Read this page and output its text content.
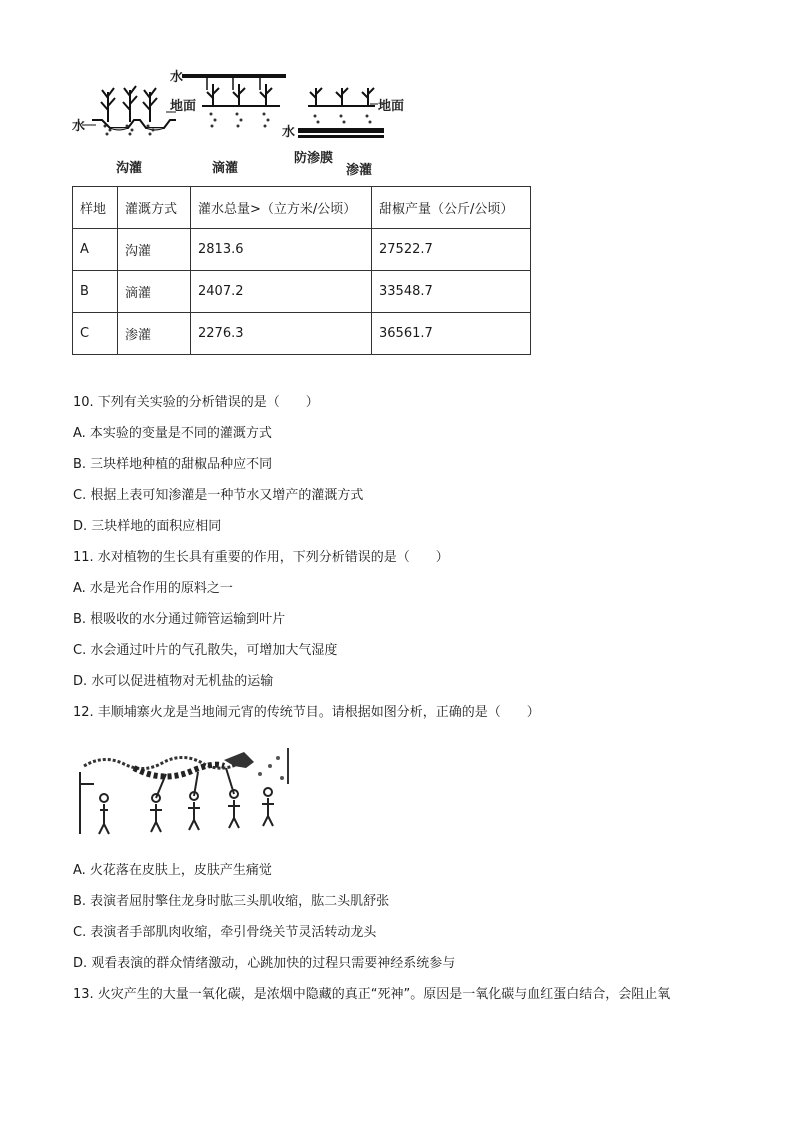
水
水
地面	地面
水
防渗膜
沟灌	滴灌	渗灌
样地	灌溉方式	灌水总量>（立方米/公顷）	甜椒产量（公斤/公顷）
A	沟灌	2813.6	27522.7
B	滴灌	2407.2	33548.7
C	渗灌	2276.3	36561.7
10. 下列有关实验的分析错误的是（　　）
A. 本实验的变量是不同的灌溉方式
B. 三块样地种植的甜椒品种应不同
C. 根据上表可知渗灌是一种节水又增产的灌溉方式
D. 三块样地的面积应相同
11. 水对植物的生长具有重要的作用，下列分析错误的是（　　）
A. 水是光合作用的原料之一
B. 根吸收的水分通过筛管运输到叶片
C. 水会通过叶片的气孔散失，可增加大气湿度
D. 水可以促进植物对无机盐的运输
12. 丰顺埔寨火龙是当地闹元宵的传统节目。请根据如图分析，正确的是（　　）
A. 火花落在皮肤上，皮肤产生痛觉
B. 表演者屈肘擎住龙身时肱三头肌收缩，肱二头肌舒张
C. 表演者手部肌肉收缩，牵引骨绕关节灵活转动龙头
D. 观看表演的群众情绪激动，心跳加快的过程只需要神经系统参与
13. 火灾产生的大量一氧化碳，是浓烟中隐藏的真正“死神”。原因是一氧化碳与血红蛋白结合，会阻止氧
